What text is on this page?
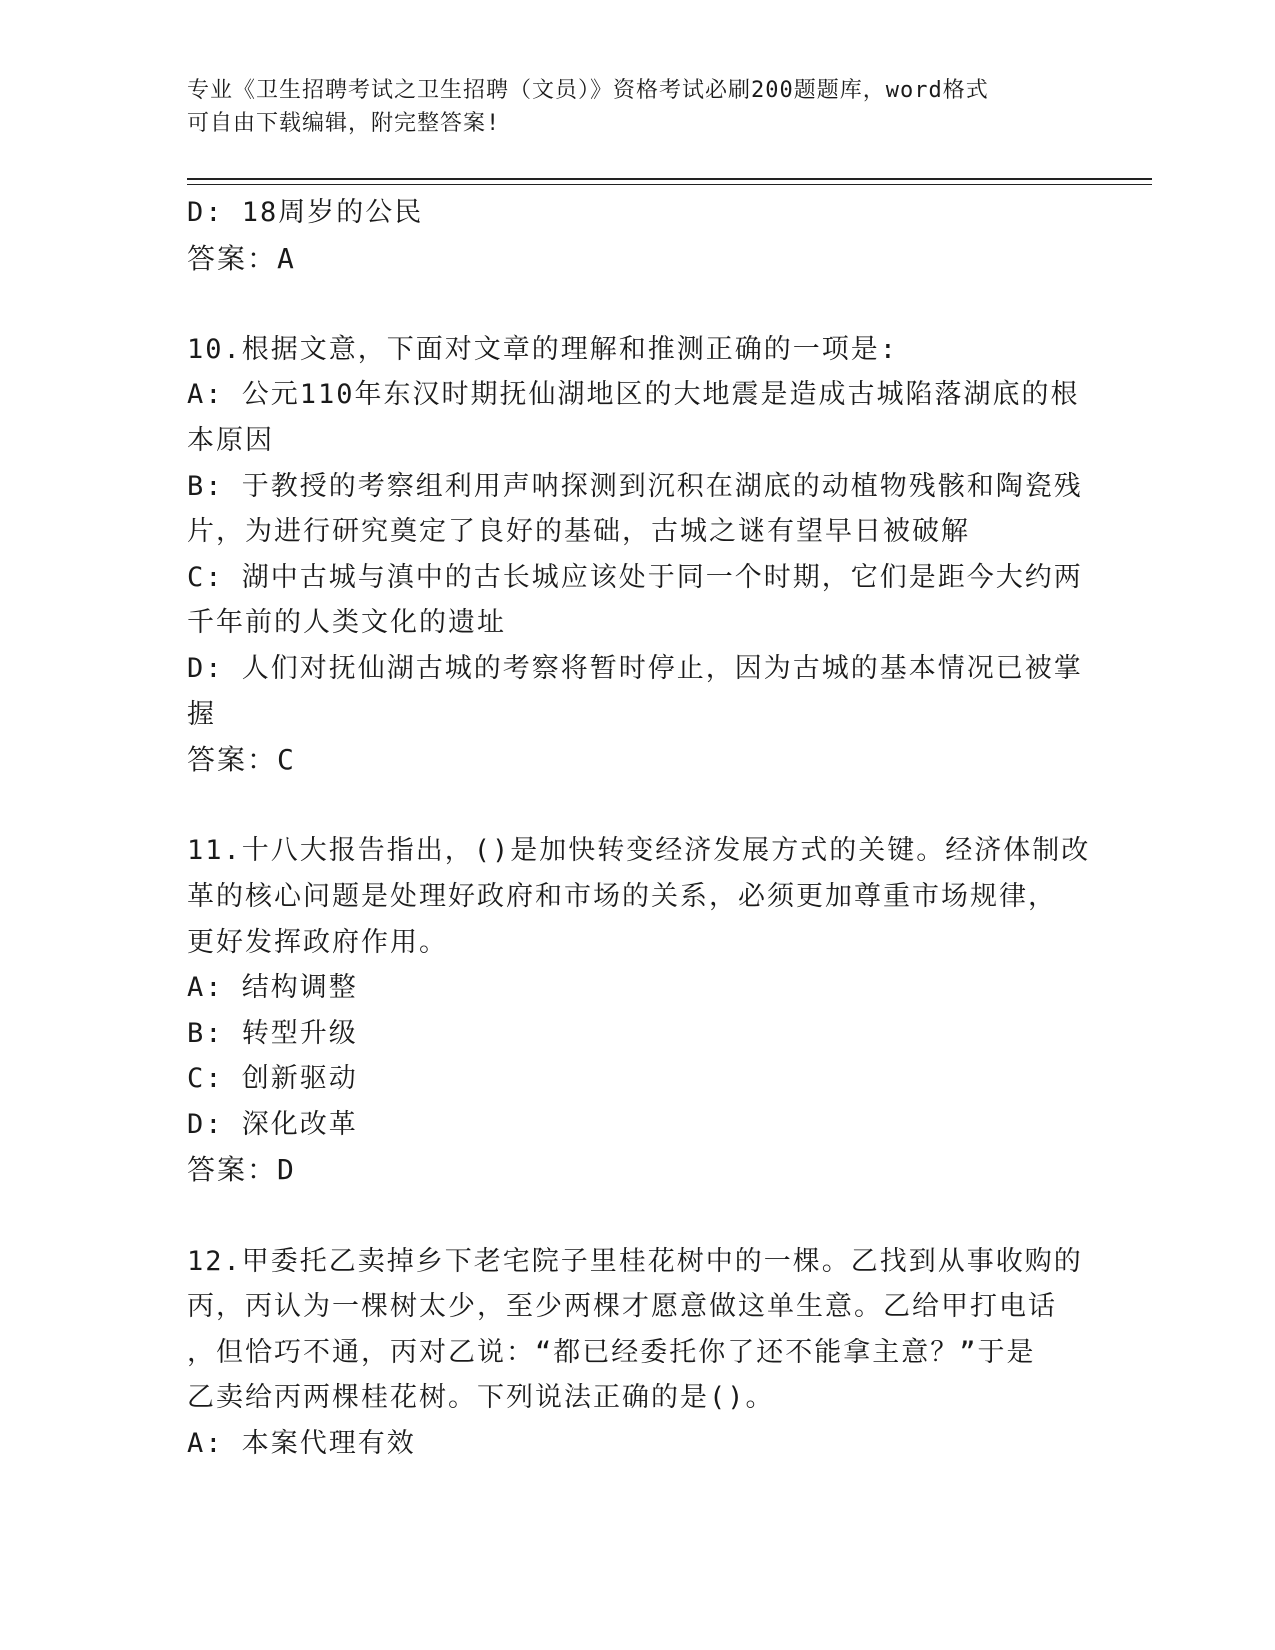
专业《卫生招聘考试之卫生招聘（文员）》资格考试必刷200题题库，word格式
可自由下载编辑，附完整答案!
D: 18周岁的公民
答案：A
10.根据文意，下面对文章的理解和推测正确的一项是:
A: 公元110年东汉时期抚仙湖地区的大地震是造成古城陷落湖底的根
本原因
B: 于教授的考察组利用声呐探测到沉积在湖底的动植物残骸和陶瓷残
片，为进行研究奠定了良好的基础，古城之谜有望早日被破解
C: 湖中古城与滇中的古长城应该处于同一个时期，它们是距今大约两
千年前的人类文化的遗址
D: 人们对抚仙湖古城的考察将暂时停止，因为古城的基本情况已被掌
握
答案：C
11.十八大报告指出，()是加快转变经济发展方式的关键。经济体制改
革的核心问题是处理好政府和市场的关系，必须更加尊重市场规律，
更好发挥政府作用。
A: 结构调整
B: 转型升级
C: 创新驱动
D: 深化改革
答案：D
12.甲委托乙卖掉乡下老宅院子里桂花树中的一棵。乙找到从事收购的
丙，丙认为一棵树太少，至少两棵才愿意做这单生意。乙给甲打电话
，但恰巧不通，丙对乙说：“都已经委托你了还不能拿主意？”于是
乙卖给丙两棵桂花树。下列说法正确的是()。
A: 本案代理有效
